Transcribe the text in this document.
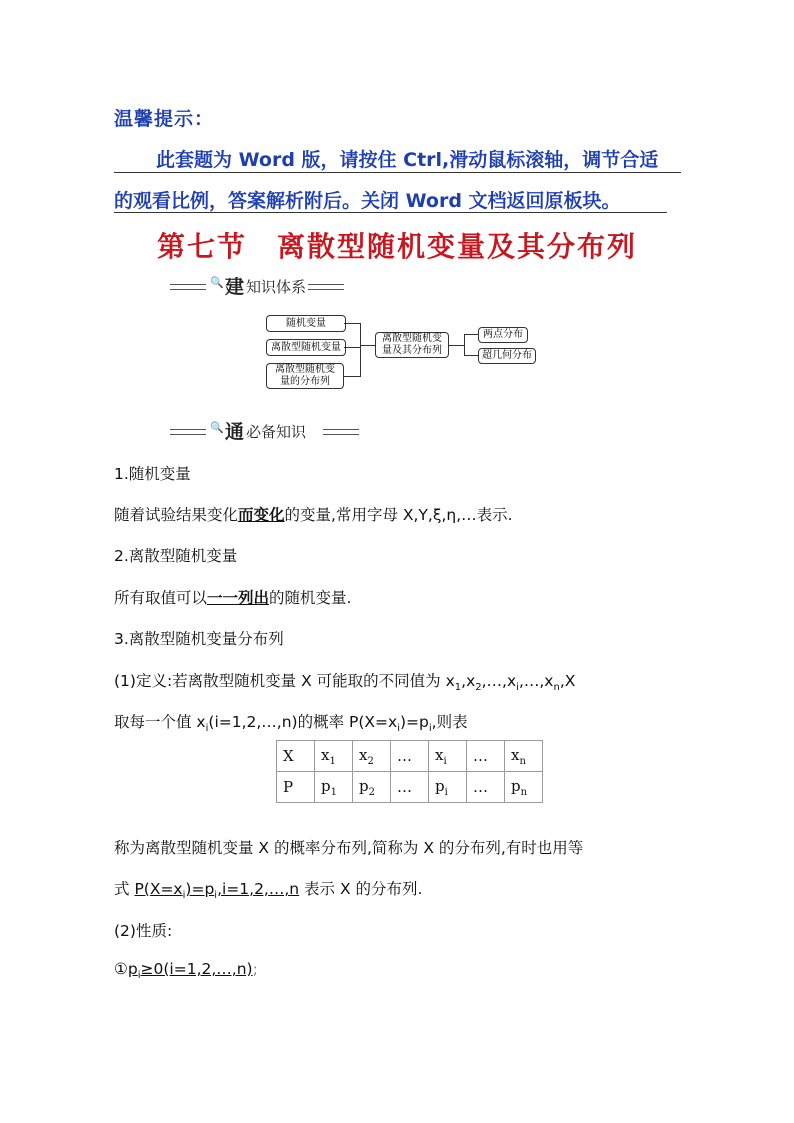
温馨提示：
此套题为 Word 版，请按住 Ctrl,滑动鼠标滚轴，调节合适
的观看比例，答案解析附后。关闭 Word 文档返回原板块。
第七节　离散型随机变量及其分布列
🔍 建 知识体系
随机变量
离散型随机变量
离散型随机变量的分布列
离散型随机变量及其分布列
两点分布
超几何分布
🔍 通 必备知识
1.随机变量
随着试验结果变化而变化的变量,常用字母 X,Y,ξ,η,…表示.
2.离散型随机变量
所有取值可以一一列出的随机变量.
3.离散型随机变量分布列
(1)定义:若离散型随机变量 X 可能取的不同值为 $x_1,x_2,\dots,x_i,\dots,x_n,X$
取每一个值 $x_i(i=1,2,\dots,n)$的概率 $P(X=x_i)=p_i$,则表
X	$x_1$	$x_2$	…	$x_i$	…	$x_n$
P	$p_1$	$p_2$	…	$p_i$	…	$p_n$
称为离散型随机变量 X 的概率分布列,简称为 X 的分布列,有时也用等
式 $P(X=x_i)=p_i,i=1,2,\dots,n$ 表示 X 的分布列.
(2)性质:
$①p_i\ge 0(i=1,2,\dots,n)$;
